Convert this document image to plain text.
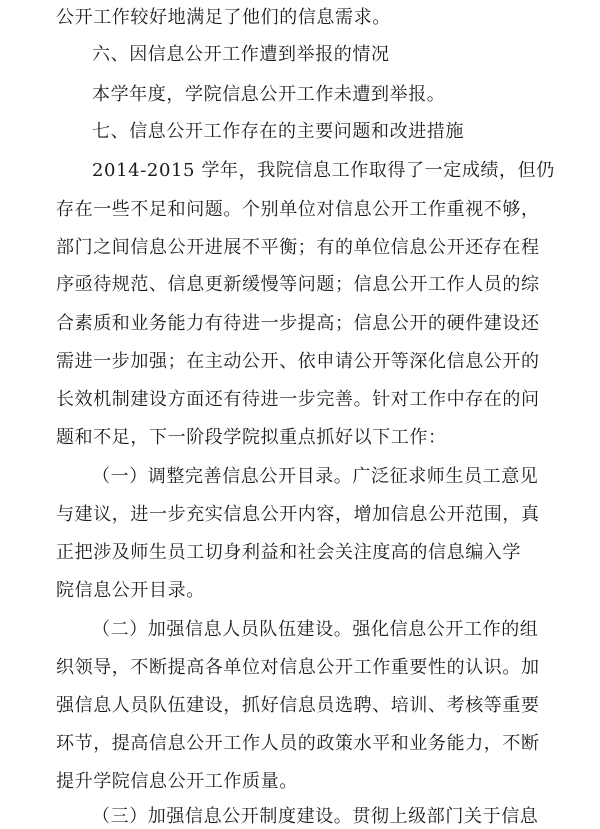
公开工作较好地满足了他们的信息需求。
六、因信息公开工作遭到举报的情况
本学年度，学院信息公开工作未遭到举报。
七、信息公开工作存在的主要问题和改进措施
2014-2015 学年，我院信息工作取得了一定成绩，但仍
存在一些不足和问题。个别单位对信息公开工作重视不够，
部门之间信息公开进展不平衡；有的单位信息公开还存在程
序亟待规范、信息更新缓慢等问题；信息公开工作人员的综
合素质和业务能力有待进一步提高；信息公开的硬件建设还
需进一步加强；在主动公开、依申请公开等深化信息公开的
长效机制建设方面还有待进一步完善。针对工作中存在的问
题和不足，下一阶段学院拟重点抓好以下工作：
（一）调整完善信息公开目录。广泛征求师生员工意见
与建议，进一步充实信息公开内容，增加信息公开范围，真
正把涉及师生员工切身利益和社会关注度高的信息编入学
院信息公开目录。
（二）加强信息人员队伍建设。强化信息公开工作的组
织领导，不断提高各单位对信息公开工作重要性的认识。加
强信息人员队伍建设，抓好信息员选聘、培训、考核等重要
环节，提高信息公开工作人员的政策水平和业务能力，不断
提升学院信息公开工作质量。
（三）加强信息公开制度建设。贯彻上级部门关于信息
